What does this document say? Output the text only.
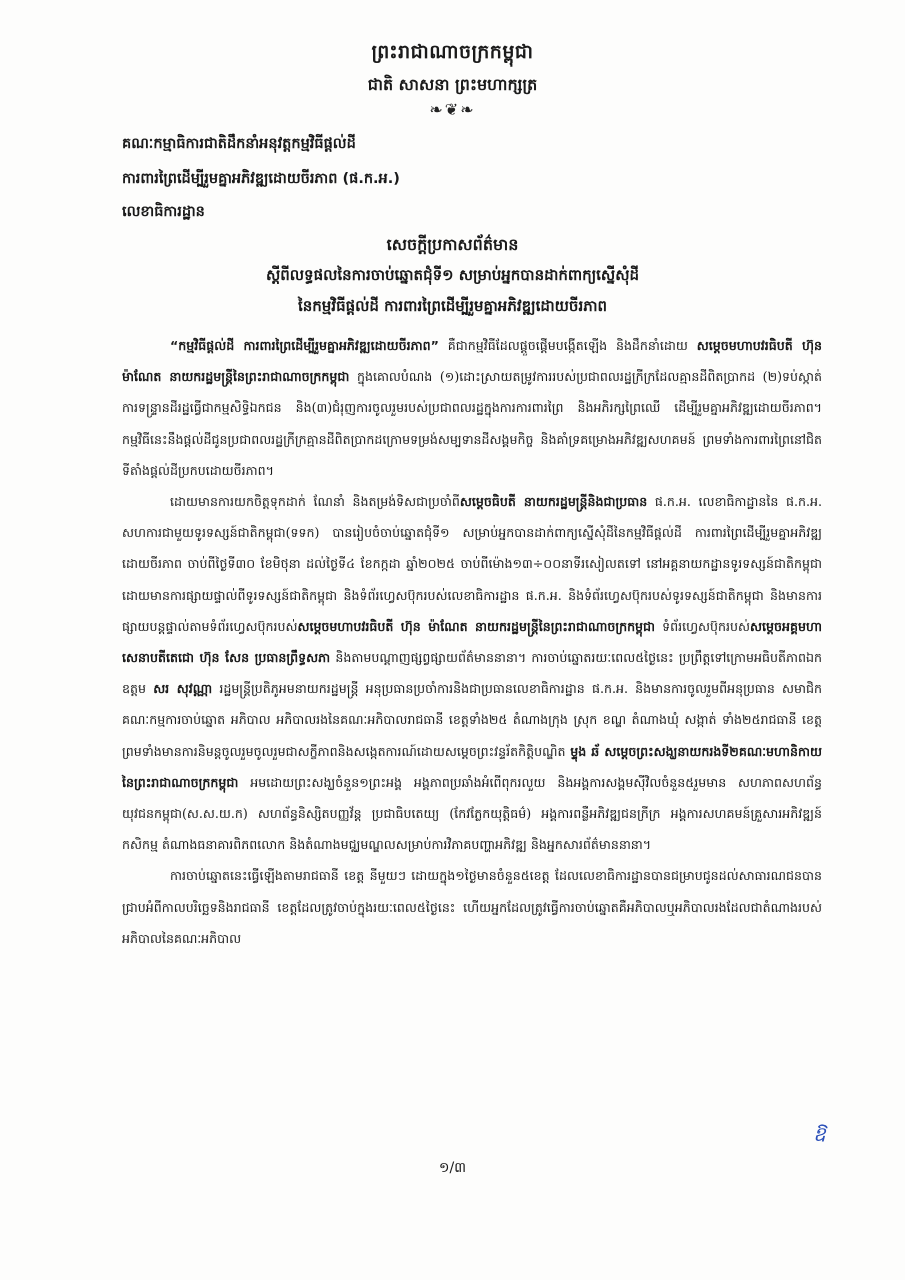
ព្រះរាជាណាចក្រកម្ពុជា
ជាតិ សាសនា ព្រះមហាក្សត្រ
❧❦❧
គណៈកម្មាធិការជាតិដឹកនាំអនុវត្តកម្មវិធីផ្តល់ដី
ការពារព្រៃដើម្បីរួមគ្នាអភិវឌ្ឍដោយចីរភាព (ផ.ក.អ.)
លេខាធិការដ្ឋាន
សេចក្តីប្រកាសព័ត៌មាន
ស្តីពីលទ្ធផលនៃការចាប់ឆ្នោតជុំទី១ សម្រាប់អ្នកបានដាក់ពាក្យស្នើសុំដី
នៃកម្មវិធីផ្តល់ដី ការពារព្រៃដើម្បីរួមគ្នាអភិវឌ្ឍដោយចីរភាព

“កម្មវិធីផ្តល់ដី ការពារព្រៃដើម្បីរួមគ្នាអភិវឌ្ឍដោយចីរភាព” គឺជាកម្មវិធីដែលផ្តួចផ្តើមបង្កើតឡើង និងដឹកនាំដោយ សម្តេចមហាបវរធិបតី ហ៊ុន ម៉ាណែត នាយករដ្ឋមន្ត្រីនៃព្រះរាជាណាចក្រកម្ពុជា ក្នុងគោលបំណង (១)ដោះស្រាយតម្រូវការរបស់ប្រជាពលរដ្ឋក្រីក្រដែលគ្មានដីពិតប្រាកដ (២)ទប់ស្កាត់ការទន្ទ្រានដីរដ្ឋធ្វើជាកម្មសិទ្ធិឯកជន និង(៣)ជំរុញការចូលរួមរបស់ប្រជាពលរដ្ឋក្នុងការការពារព្រៃ និងអភិរក្សព្រៃឈើ ដើម្បីរួមគ្នាអភិវឌ្ឍដោយចីរភាព។ កម្មវិធីនេះនឹងផ្តល់ដីជូនប្រជាពលរដ្ឋក្រីក្រគ្មានដីពិតប្រាកដក្រោមទម្រង់សម្បទានដីសង្គមកិច្ច និងគាំទ្រគម្រោងអភិវឌ្ឍសហគមន៍ ព្រមទាំងការពារព្រៃនៅជិតទីតាំងផ្តល់ដីប្រកបដោយចីរភាព។

ដោយមានការយកចិត្តទុកដាក់ ណែនាំ និងតម្រង់ទិសជាប្រចាំពីសម្តេចធិបតី នាយករដ្ឋមន្ត្រីនិងជាប្រធាន ផ.ក.អ. លេខាធិកាដ្ឋាននៃ ផ.ក.អ. សហការជាមួយទូរទស្សន៍ជាតិកម្ពុជា(ទទក) បានរៀបចំចាប់ឆ្នោតជុំទី១ សម្រាប់អ្នកបានដាក់ពាក្យស្នើសុំដីនៃកម្មវិធីផ្តល់ដី ការពារព្រៃដើម្បីរួមគ្នាអភិវឌ្ឍដោយចីរភាព ចាប់ពីថ្ងៃទី៣០ ខែមិថុនា ដល់ថ្ងៃទី៤ ខែកក្កដា ឆ្នាំ២០២៥ ចាប់ពីម៉ោង១៣÷០០នាទីរសៀលតទៅ នៅអគ្គនាយកដ្ឋានទូរទស្សន៍ជាតិកម្ពុជា ដោយមានការផ្សាយផ្ទាល់ពីទូរទស្សន៍ជាតិកម្ពុជា និងទំព័រហ្វេសប៊ុករបស់លេខាធិការដ្ឋាន ផ.ក.អ. និងទំព័រហ្វេសប៊ុករបស់ទូរទស្សន៍ជាតិកម្ពុជា និងមានការផ្សាយបន្តផ្ទាល់តាមទំព័រហ្វេសប៊ុករបស់សម្តេចមហាបវរធិបតី ហ៊ុន ម៉ាណែត នាយករដ្ឋមន្ត្រីនៃព្រះរាជាណាចក្រកម្ពុជា ទំព័រហ្វេសប៊ុករបស់សម្តេចអគ្គមហាសេនាបតីតេជោ ហ៊ុន សែន ប្រធានព្រឹទ្ធសភា និងតាមបណ្តាញផ្សព្វផ្សាយព័ត៌មាននានា។ ការចាប់ឆ្នោតរយៈពេល៥ថ្ងៃនេះ ប្រព្រឹត្តទៅក្រោមអធិបតីភាពឯកឧត្តម សរ សុវណ្ណា រដ្ឋមន្ត្រីប្រតិភូអមនាយករដ្ឋមន្ត្រី អនុប្រធានប្រចាំការនិងជាប្រធានលេខាធិការដ្ឋាន ផ.ក.អ. និងមានការចូលរួមពីអនុប្រធាន សមាជិកគណៈកម្មការចាប់ឆ្នោត អភិបាល អភិបាលរងនៃគណៈអភិបាលរាជធានី ខេត្តទាំង២៥ តំណាងក្រុង ស្រុក ខណ្ឌ តំណាងឃុំ សង្កាត់ ទាំង២៥រាជធានី ខេត្ត ព្រមទាំងមានការនិមន្តចូលរួមចូលរួមជាសក្ខីភាពនិងសង្កេតការណ៍ដោយសម្តេចព្រះវន្ទរ័តកិត្តិបណ្ឌិត ម្ទុង ឆ័ សម្តេចព្រះសង្ឃនាយករងទី២គណៈមហានិកាយនៃព្រះរាជាណាចក្រកម្ពុជា អមដោយព្រះសង្ឃចំនួន១ព្រះអង្គ អង្គភាពប្រឆាំងអំពើពុករលួយ និងអង្គការសង្គមស៊ីវិលចំនួន៥រួមមាន សហភាពសហព័ន្ធយុវជនកម្ពុជា(ស.ស.យ.ក) សហព័ន្ធនិស្សិតបញ្ញវ័ន្ត ប្រជាធិបតេយ្យ (កែវភ្លែកយុត្តិធម៌) អង្គការពន្លឺអភិវឌ្ឍជនក្រីក្រ អង្គការសហគមន៍គ្រួសារអភិវឌ្ឍន៍កសិកម្ម តំណាងធនាគារពិភពលោក និងតំណាងមជ្ឈមណ្ឌលសម្រាប់ការវិភាគបញ្ហាអភិវឌ្ឍ និងអ្នកសារព័ត៌មាននានា។

ការចាប់ឆ្នោតនេះធ្វើឡើងតាមរាជធានី ខេត្ត នីមួយៗ ដោយក្នុង១ថ្ងៃមានចំនួន៥ខេត្ត ដែលលេខាធិការដ្ឋានបានជម្រាបជូនដល់សាធារណជនបានជ្រាបអំពីកាលបរិច្ឆេទនិងរាជធានី ខេត្តដែលត្រូវចាប់ក្នុងរយៈពេល៥ថ្ងៃនេះ ហើយអ្នកដែលត្រូវធ្វើការចាប់ឆ្នោតគឺអភិបាលឬអភិបាលរងដែលជាតំណាងរបស់អភិបាលនៃគណៈអភិបាល

ឱ
១/៣
